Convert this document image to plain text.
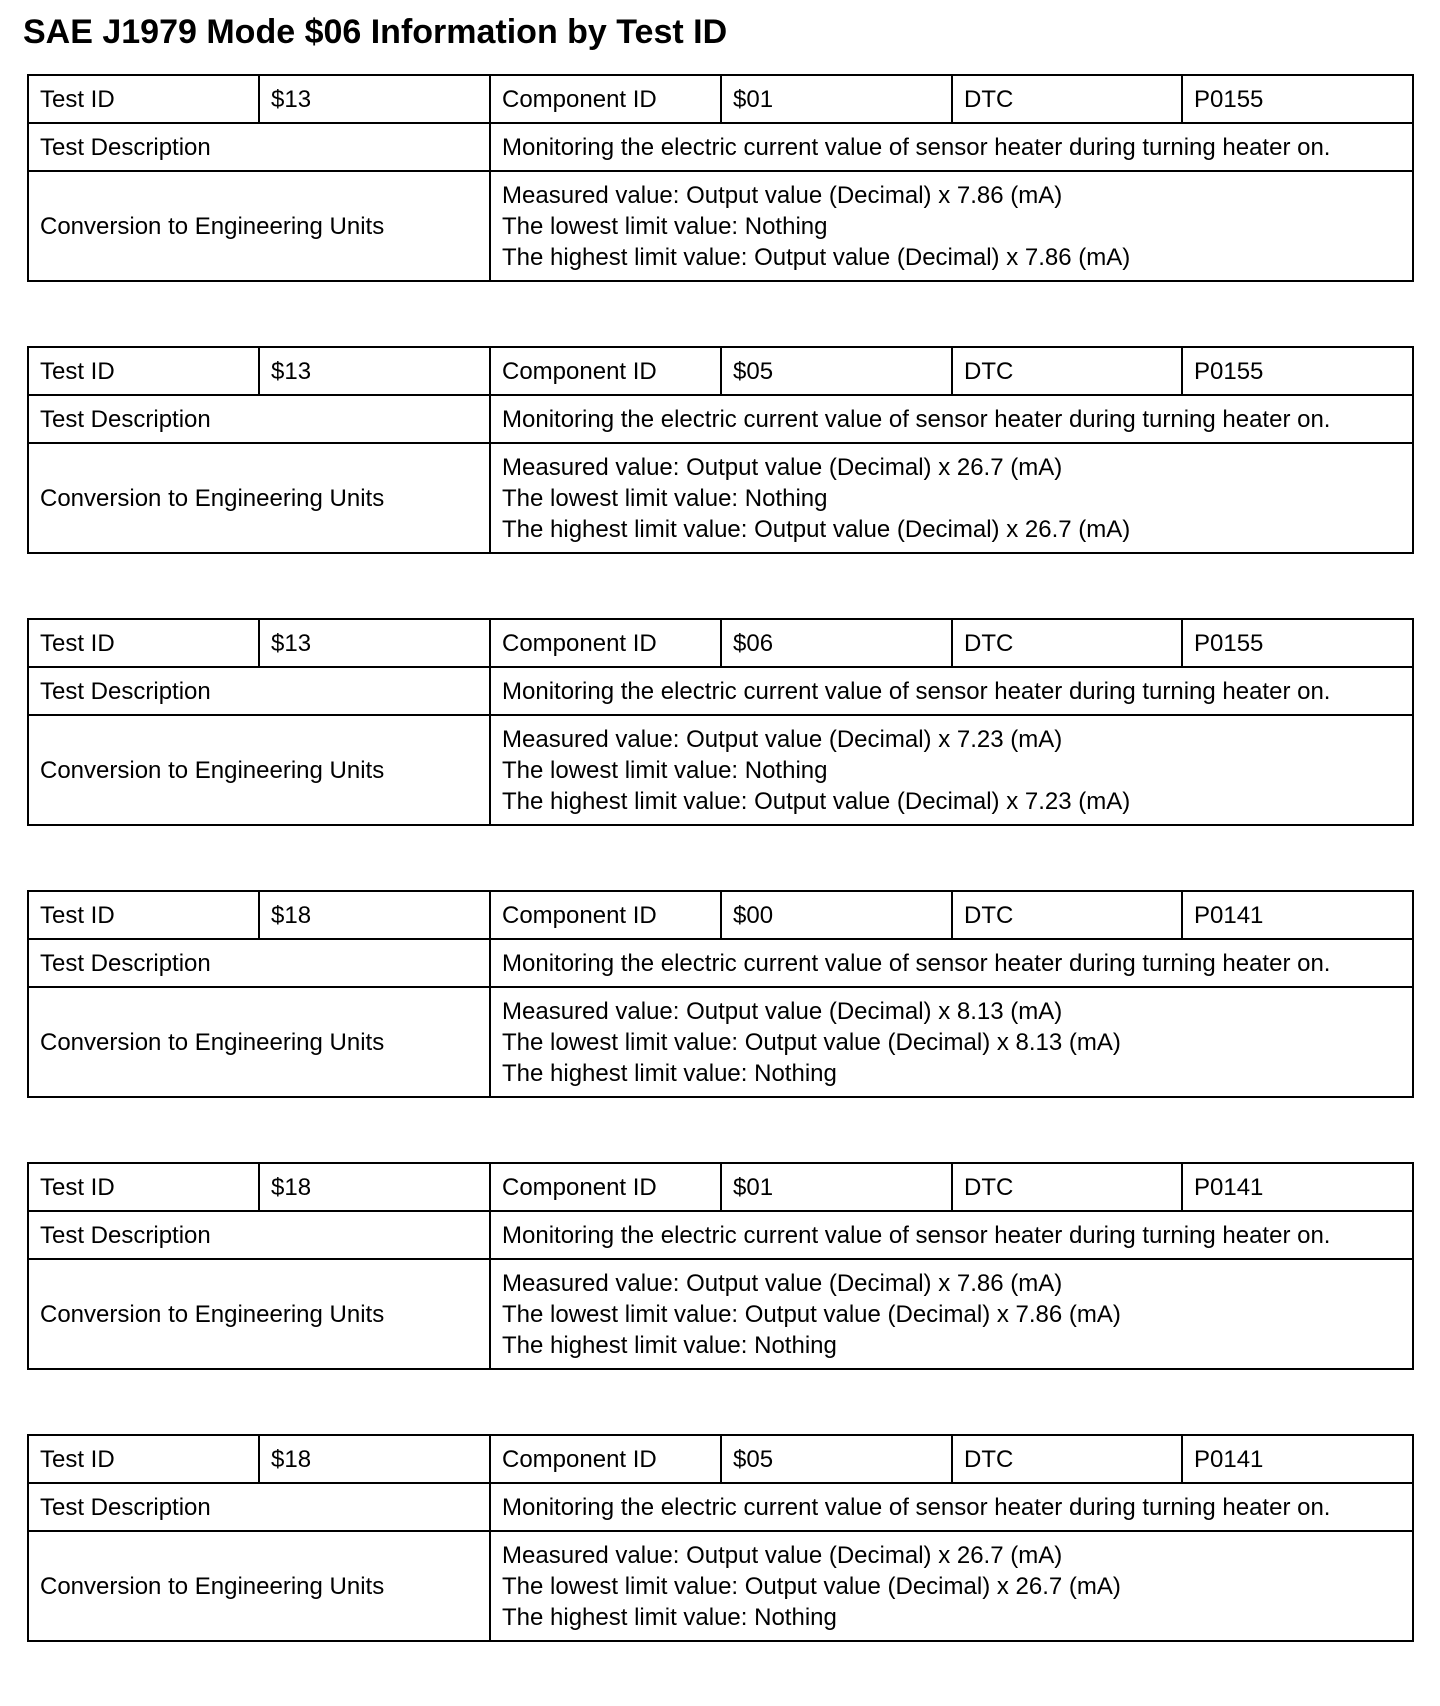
SAE J1979 Mode $06 Information by Test ID
Test ID	$13	Component ID	$01	DTC	P0155
Test Description		Monitoring the electric current value of sensor heater during turning heater on.			
Conversion to Engineering Units		Measured value: Output value (Decimal) x 7.86 (mA)
The lowest limit value: Nothing
The highest limit value: Output value (Decimal) x 7.86 (mA)			
Test ID	$13	Component ID	$05	DTC	P0155
Test Description		Monitoring the electric current value of sensor heater during turning heater on.			
Conversion to Engineering Units		Measured value: Output value (Decimal) x 26.7 (mA)
The lowest limit value: Nothing
The highest limit value: Output value (Decimal) x 26.7 (mA)			
Test ID	$13	Component ID	$06	DTC	P0155
Test Description		Monitoring the electric current value of sensor heater during turning heater on.			
Conversion to Engineering Units		Measured value: Output value (Decimal) x 7.23 (mA)
The lowest limit value: Nothing
The highest limit value: Output value (Decimal) x 7.23 (mA)			
Test ID	$18	Component ID	$00	DTC	P0141
Test Description		Monitoring the electric current value of sensor heater during turning heater on.			
Conversion to Engineering Units		Measured value: Output value (Decimal) x 8.13 (mA)
The lowest limit value: Output value (Decimal) x 8.13 (mA)
The highest limit value: Nothing			
Test ID	$18	Component ID	$01	DTC	P0141
Test Description		Monitoring the electric current value of sensor heater during turning heater on.			
Conversion to Engineering Units		Measured value: Output value (Decimal) x 7.86 (mA)
The lowest limit value: Output value (Decimal) x 7.86 (mA)
The highest limit value: Nothing			
Test ID	$18	Component ID	$05	DTC	P0141
Test Description		Monitoring the electric current value of sensor heater during turning heater on.			
Conversion to Engineering Units		Measured value: Output value (Decimal) x 26.7 (mA)
The lowest limit value: Output value (Decimal) x 26.7 (mA)
The highest limit value: Nothing			
